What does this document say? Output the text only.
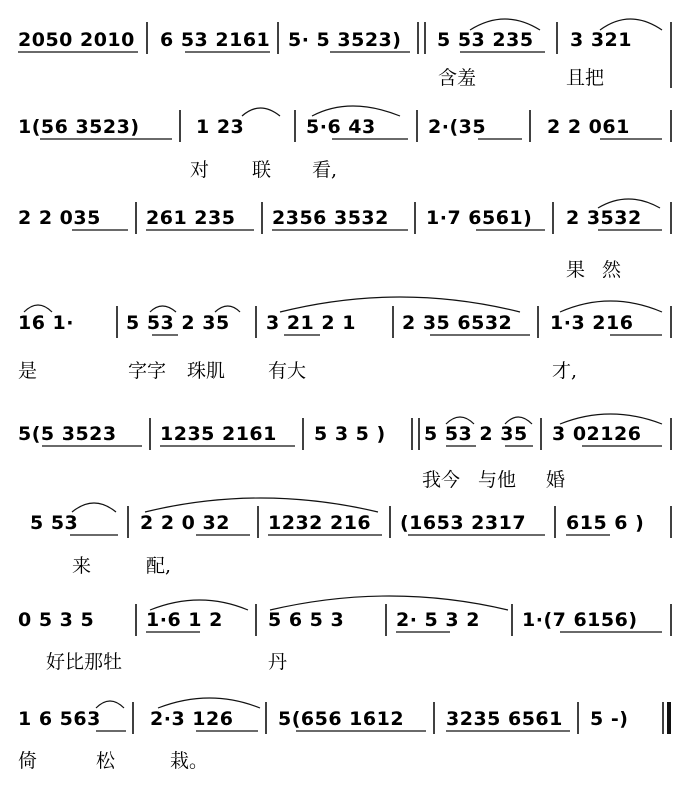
2050 2010 6 53 2161 5· 5 3523) 5 53 235 3 321
含羞	且把
1(56 3523)	1 23	5·6 43	2·(35	2 2 061
对 联 看,
2 2 035 261 235 2356 3532 1·7 6561) 2 3532
果 然
16 1·	5 53 2 35 3 21 2 1 2 35 6532 1·3 216
是	字字 珠肌 有大	才,
5(5 3523 1235 2161 5 3 5 ) 5 53 2 35 3 02126
我今 与他 婚
5 53	2 2 0 32 1232 216 (1653 2317 615 6 )
来	配,
0 5 3 5	1·6 1 2 5 6 5 3	2· 5 3 2 1·(7 6156)
好比那牡	丹
1 6 563	2·3 126 5(656 1612 3235 6561 5 -)
倚	松	栽。
